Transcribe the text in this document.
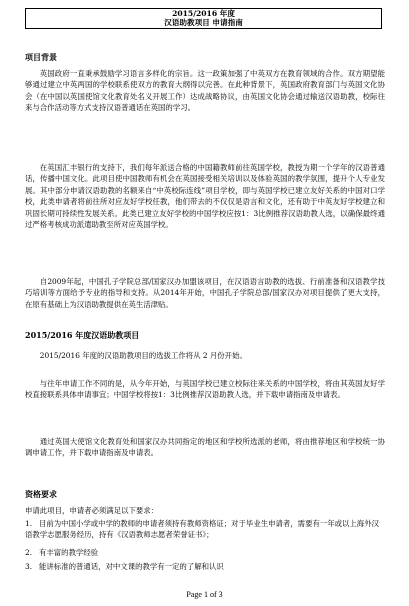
2015/2016 年度
汉语助教项目 申请指南
项目背景
英国政府一直秉承鼓励学习语言多样化的宗旨。这一政策加强了中英双方在教育领域的合作。双方期望能够通过建立中英两国的学校联系使双方的教育大纲得以完善。在此种背景下，英国政府教育部门与英国文化协会（在中国以英国使馆文化教育处名义开展工作）达成战略协议，由英国文化协会通过输送汉语助教，校际往来与合作活动等方式支持汉语普通话在英国的学习。
在英国汇丰银行的支持下，我们每年派送合格的中国籍教师前往英国学校，教授为期一个学年的汉语普通话，传播中国文化。此项目使中国教师有机会在英国接受相关培训以及体验英国的教学氛围，提升个人专业发展。其中部分申请汉语助教的名额来自“中英校际连线”项目学校，即与英国学校已建立友好关系的中国对口学校，此类申请者将前往所对应友好学校任教，他们带去的不仅仅是语言和文化，还有助于中英友好学校建立和巩固长期可持续性发展关系。此类已建立友好学校的中国学校应按1：3比例推荐汉语助教人选，以确保最终通过严格考核成功派遣助教至所对应英国学校。
自2009年起，中国孔子学院总部/国家汉办加盟该项目，在汉语语言助教的选拔、行前准备和汉语教学技巧培训等方面给予专业的指导和支持。从2014年开始，中国孔子学院总部/国家汉办对项目提供了更大支持，在原有基础上为汉语助教提供在英生活津贴。
2015/2016 年度汉语助教项目
2015/2016 年度的汉语助教项目的选拔工作将从 2 月份开始。
与往年申请工作不同的是，从今年开始，与英国学校已建立校际往来关系的中国学校，将由其英国友好学校直接联系具体申请事宜；中国学校将按1：3比例推荐汉语助教人选，并下载申请指南及申请表。
通过英国大使馆文化教育处和国家汉办共同指定的地区和学校所选派的老师，将由推荐地区和学校统一协调申请工作，并下载申请指南及申请表。
资格要求
申请此项目，申请者必须满足以下要求：
1. 目前为中国小学或中学的教师的申请者须持有教师资格证；对于毕业生申请者，需要有一年或以上海外汉语教学志愿服务经历，持有《汉语教师志愿者荣誉证书》；
2. 有丰富的教学经验
3. 能讲标准的普通话，对中文课的教学有一定的了解和认识
Page 1 of 3
